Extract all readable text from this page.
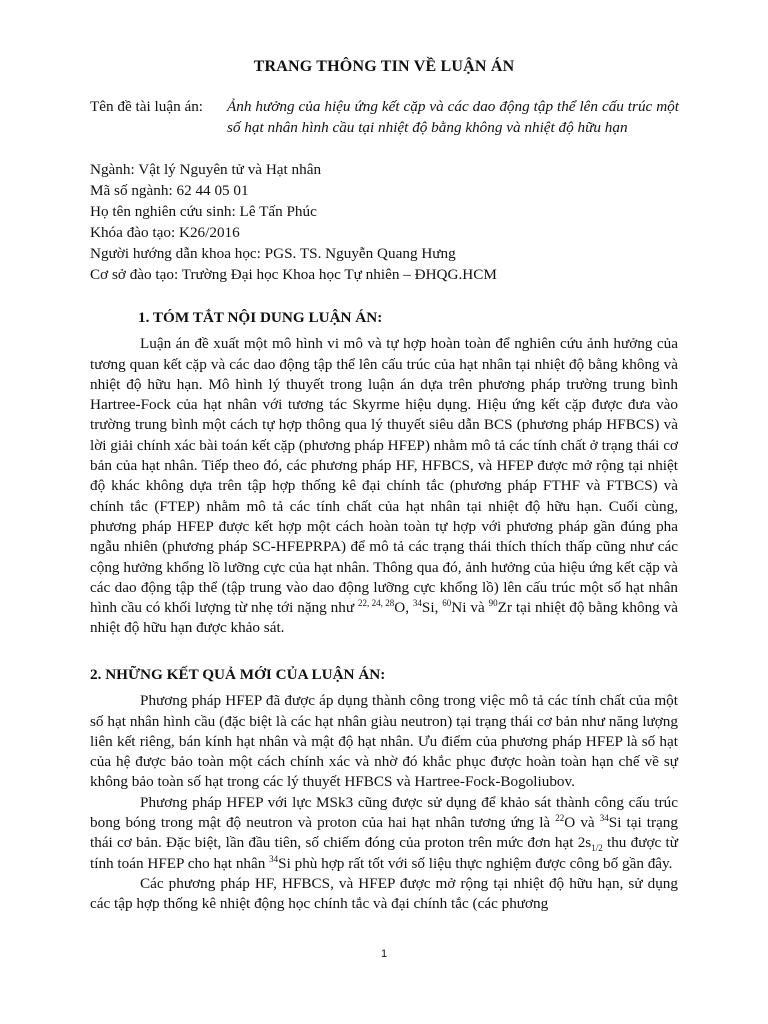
TRANG THÔNG TIN VỀ LUẬN ÁN
Tên đề tài luận án: Ảnh hưởng của hiệu ứng kết cặp và các dao động tập thể lên cấu trúc một số hạt nhân hình cầu tại nhiệt độ bằng không và nhiệt độ hữu hạn
Ngành: Vật lý Nguyên tử và Hạt nhân
Mã số ngành: 62 44 05 01
Họ tên nghiên cứu sinh: Lê Tấn Phúc
Khóa đào tạo: K26/2016
Người hướng dẫn khoa học: PGS. TS. Nguyễn Quang Hưng
Cơ sở đào tạo: Trường Đại học Khoa học Tự nhiên – ĐHQG.HCM
1. TÓM TẮT NỘI DUNG LUẬN ÁN:

Luận án đề xuất một mô hình vi mô và tự hợp hoàn toàn để nghiên cứu ảnh hưởng của tương quan kết cặp và các dao động tập thể lên cấu trúc của hạt nhân tại nhiệt độ bằng không và nhiệt độ hữu hạn. Mô hình lý thuyết trong luận án dựa trên phương pháp trường trung bình Hartree-Fock của hạt nhân với tương tác Skyrme hiệu dụng. Hiệu ứng kết cặp được đưa vào trường trung bình một cách tự hợp thông qua lý thuyết siêu dẫn BCS (phương pháp HFBCS) và lời giải chính xác bài toán kết cặp (phương pháp HFEP) nhằm mô tả các tính chất ở trạng thái cơ bản của hạt nhân. Tiếp theo đó, các phương pháp HF, HFBCS, và HFEP được mở rộng tại nhiệt độ khác không dựa trên tập hợp thống kê đại chính tắc (phương pháp FTHF và FTBCS) và chính tắc (FTEP) nhằm mô tả các tính chất của hạt nhân tại nhiệt độ hữu hạn. Cuối cùng, phương pháp HFEP được kết hợp một cách hoàn toàn tự hợp với phương pháp gần đúng pha ngẫu nhiên (phương pháp SC-HFEPRPA) để mô tả các trạng thái thích thích thấp cũng như các cộng hưởng khổng lồ lưỡng cực của hạt nhân. Thông qua đó, ảnh hưởng của hiệu ứng kết cặp và các dao động tập thể (tập trung vào dao động lưỡng cực khổng lồ) lên cấu trúc một số hạt nhân hình cầu có khối lượng từ nhẹ tới nặng như $^{22, 24, 28}$O, $^{34}$Si, $^{60}$Ni và $^{90}$Zr tại nhiệt độ bằng không và nhiệt độ hữu hạn được khảo sát.

2. NHỮNG KẾT QUẢ MỚI CỦA LUẬN ÁN:

Phương pháp HFEP đã được áp dụng thành công trong việc mô tả các tính chất của một số hạt nhân hình cầu (đặc biệt là các hạt nhân giàu neutron) tại trạng thái cơ bản như năng lượng liên kết riêng, bán kính hạt nhân và mật độ hạt nhân. Ưu điểm của phương pháp HFEP là số hạt của hệ được bảo toàn một cách chính xác và nhờ đó khắc phục được hoàn toàn hạn chế về sự không bảo toàn số hạt trong các lý thuyết HFBCS và Hartree-Fock-Bogoliubov.

Phương pháp HFEP với lực MSk3 cũng được sử dụng để khảo sát thành công cấu trúc bong bóng trong mật độ neutron và proton của hai hạt nhân tương ứng là $^{22}$O và $^{34}$Si tại trạng thái cơ bản. Đặc biệt, lần đầu tiên, số chiếm đóng của proton trên mức đơn hạt $2s_{1/2}$ thu được từ tính toán HFEP cho hạt nhân $^{34}$Si phù hợp rất tốt với số liệu thực nghiệm được công bố gần đây.

Các phương pháp HF, HFBCS, và HFEP được mở rộng tại nhiệt độ hữu hạn, sử dụng các tập hợp thống kê nhiệt động học chính tắc và đại chính tắc (các phương

1
